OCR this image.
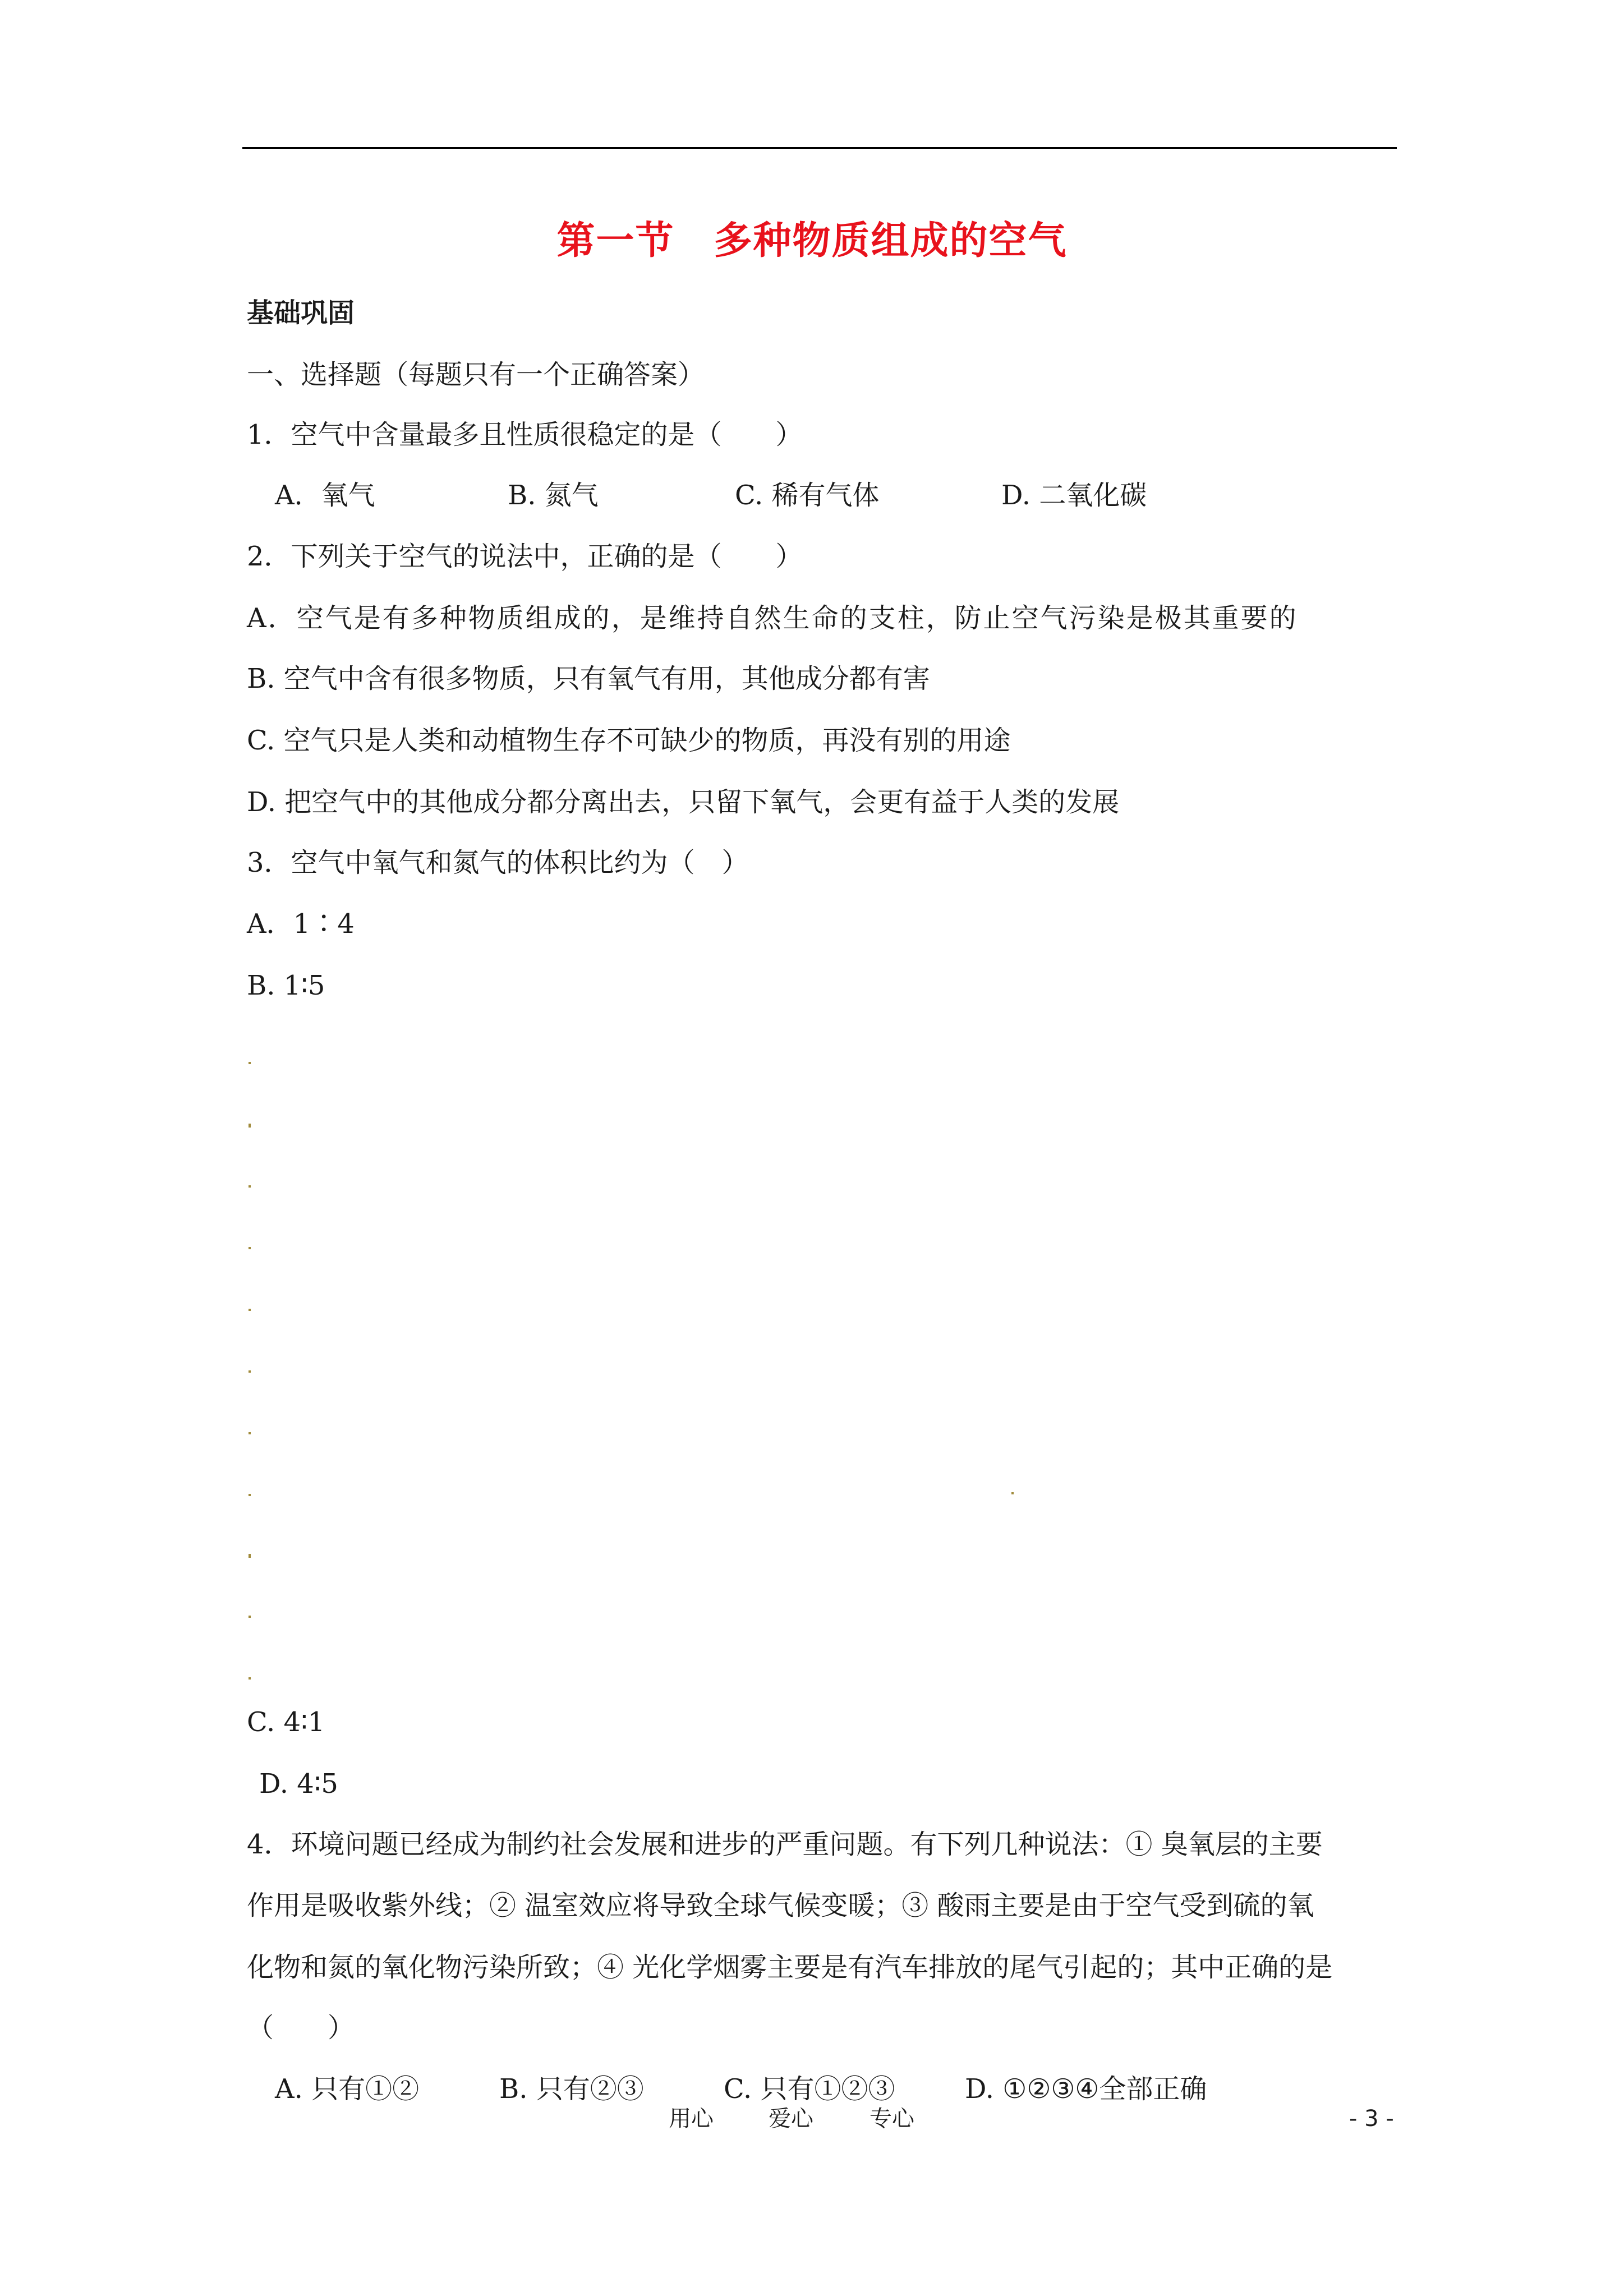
第一节　多种物质组成的空气
基础巩固
一、选择题（每题只有一个正确答案）
1．空气中含量最多且性质很稳定的是（　　）
A．氧气	B. 氮气	C. 稀有气体	D. 二氧化碳
2．下列关于空气的说法中，正确的是（　　）
A．空气是有多种物质组成的，是维持自然生命的支柱，防止空气污染是极其重要的
B. 空气中含有很多物质，只有氧气有用，其他成分都有害
C. 空气只是人类和动植物生存不可缺少的物质，再没有别的用途
D. 把空气中的其他成分都分离出去，只留下氧气，会更有益于人类的发展
3．空气中氧气和氮气的体积比约为（　）
A．1∶4
B. 1∶5
C. 4∶1
D. 4∶5
4．环境问题已经成为制约社会发展和进步的严重问题。有下列几种说法：① 臭氧层的主要
作用是吸收紫外线；② 温室效应将导致全球气候变暖；③ 酸雨主要是由于空气受到硫的氧
化物和氮的氧化物污染所致；④ 光化学烟雾主要是有汽车排放的尾气引起的；其中正确的是
（　　）
A. 只有①②	B. 只有②③	C. 只有①②③	D. ①②③④全部正确
用心 爱心	专心	- 3 -
